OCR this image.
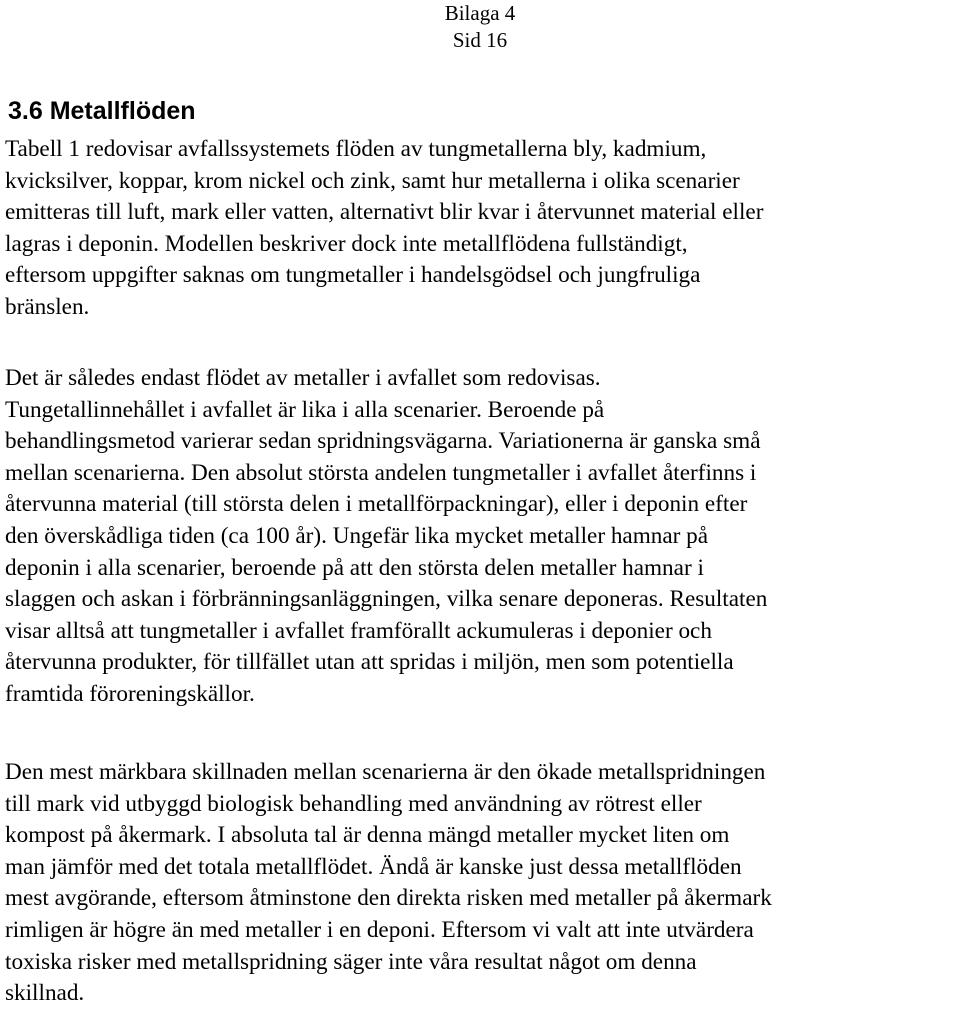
Bilaga 4
Sid 16
3.6 Metallflöden
Tabell 1 redovisar avfallssystemets flöden av tungmetallerna bly, kadmium,
kvicksilver, koppar, krom nickel och zink, samt hur metallerna i olika scenarier
emitteras till luft, mark eller vatten, alternativt blir kvar i återvunnet material eller
lagras i deponin. Modellen beskriver dock inte metallflödena fullständigt,
eftersom uppgifter saknas om tungmetaller i handelsgödsel och jungfruliga
bränslen.
Det är således endast flödet av metaller i avfallet som redovisas.
Tungetallinnehållet i avfallet är lika i alla scenarier. Beroende på
behandlingsmetod varierar sedan spridningsvägarna. Variationerna är ganska små
mellan scenarierna. Den absolut största andelen tungmetaller i avfallet återfinns i
återvunna material (till största delen i metallförpackningar), eller i deponin efter
den överskådliga tiden (ca 100 år). Ungefär lika mycket metaller hamnar på
deponin i alla scenarier, beroende på att den största delen metaller hamnar i
slaggen och askan i förbränningsanläggningen, vilka senare deponeras. Resultaten
visar alltså att tungmetaller i avfallet framförallt ackumuleras i deponier och
återvunna produkter, för tillfället utan att spridas i miljön, men som potentiella
framtida föroreningskällor.
Den mest märkbara skillnaden mellan scenarierna är den ökade metallspridningen
till mark vid utbyggd biologisk behandling med användning av rötrest eller
kompost på åkermark. I absoluta tal är denna mängd metaller mycket liten om
man jämför med det totala metallflödet. Ändå är kanske just dessa metallflöden
mest avgörande, eftersom åtminstone den direkta risken med metaller på åkermark
rimligen är högre än med metaller i en deponi. Eftersom vi valt att inte utvärdera
toxiska risker med metallspridning säger inte våra resultat något om denna
skillnad.
